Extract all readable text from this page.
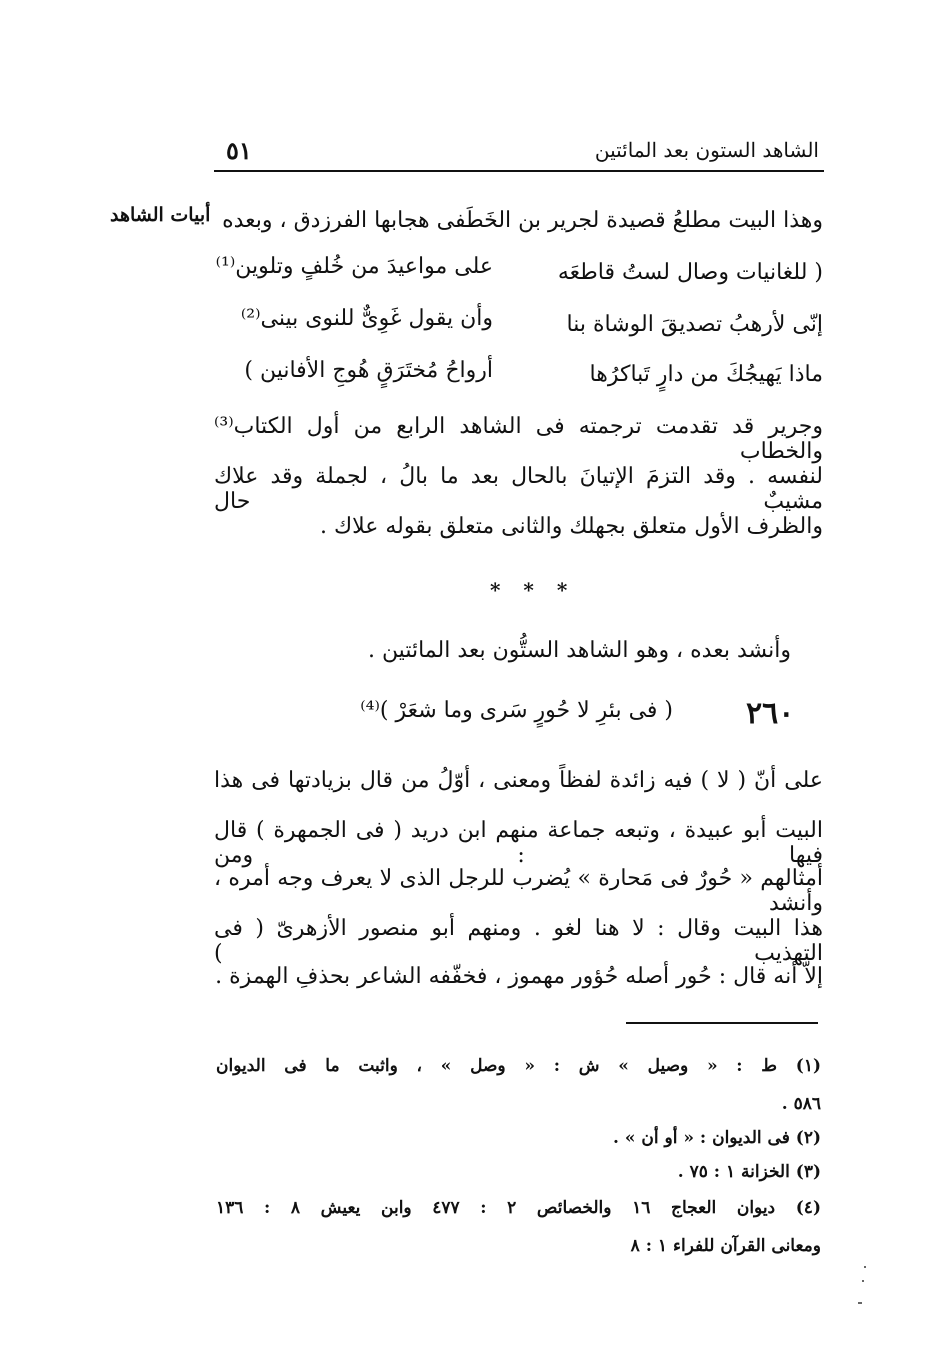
الشاهد الستون بعد المائتين
٥١
أبيات الشاهد وهذا البيت مطلعُ قصيدة لجرير بن الخَطَفى هجابها الفرزدق ، وبعده
( للغانيات وصال لستُ قاطعَه
على مواعيدَ من خُلفٍ وتلوين⁽¹⁾
إنّى لأرهبُ تصديقَ الوشاة بنا
وأن يقول غَوِىٌّ للنوى بينى⁽²⁾
ماذا يَهيجُكَ من دارٍ تَباكرُها
أرواحُ مُختَرَقٍ هُوجِ الأفانين )
وجرير قد تقدمت ترجمته فى الشاهد الرابع من أول الكتاب⁽³⁾ والخطاب
لنفسه . وقد التزمَ الإتيانَ بالحال بعد ما بالُ ، لجملة وقد علاك مشيبٌ حال
والظرف الأول متعلق بجهلك والثانى متعلق بقوله علاك .
* * *
وأنشد بعده ، وهو الشاهد الستُّون بعد المائتين .
٢٦٠
( فى بئرِ لا حُورٍ سَرى وما شعَرْ )⁽⁴⁾
على أنّ ( لا ) فيه زائدة لفظاً ومعنى ، أوّلُ من قال بزيادتها فى هذا
البيت أبو عبيدة ، وتبعه جماعة منهم ابن دريد ( فى الجمهرة ) قال فيها : ومن
أمثالهم « حُورٌ فى مَحارة » يُضرب للرجل الذى لا يعرف وجه أمره ، وأنشد
هذا البيت وقال : لا هنا لغو . ومنهم أبو منصور الأزهرىّ ( فى التهذيب )
إلاّ أنه قال : حُور أصله حُؤور مهموز ، فخفّفه الشاعر بحذفِ الهمزة .
(١) ط : « وصيل » ش : « وصل » ، واثبت ما فى الديوان
٥٨٦ .
(٢) فى الديوان : « أو أن » .
(٣) الخزانة ١ : ٧٥ .
(٤) ديوان العجاج ١٦ والخصائص ٢ : ٤٧٧ وابن يعيش ٨ : ١٣٦
ومعانى القرآن للفراء ١ : ٨
